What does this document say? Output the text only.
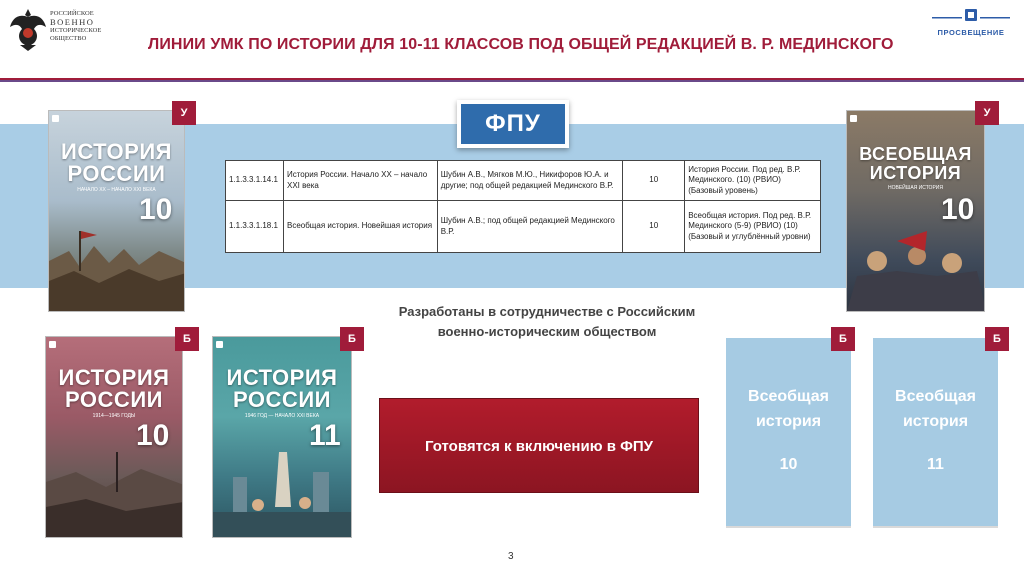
РОССИЙСКОЕ
ВОЕННО
ИСТОРИЧЕСКОЕ
ОБЩЕСТВО	ЛИНИИ УМК ПО ИСТОРИИ ДЛЯ 10-11 КЛАССОВ ПОД ОБЩЕЙ РЕДАКЦИЕЙ В. Р. МЕДИНСКОГО
ПРОСВЕЩЕНИЕ
ИСТОРИЯ
РОССИИ
НАЧАЛО XX – НАЧАЛО XXI ВЕКА
10
У
ВСЕОБЩАЯ
ИСТОРИЯ
НОВЕЙШАЯ ИСТОРИЯ
10
У
ИСТОРИЯ
РОССИИ
1914—1945 ГОДЫ
10
Б
ИСТОРИЯ
РОССИИ
1946 ГОД — НАЧАЛО XXI ВЕКА
11
Б
ФПУ
1.1.3.3.1.14.1	История России. Начало XX – начало XXI века	Шубин А.В., Мягков М.Ю., Никифоров Ю.А. и другие; под общей редакцией Мединского В.Р.	10	История России. Под ред. В.Р. Мединского. (10) (РВИО) (Базовый уровень)
1.1.3.3.1.18.1	Всеобщая история. Новейшая история	Шубин А.В.; под общей редакцией Мединского В.Р.	10	Всеобщая история. Под ред. В.Р. Мединского (5-9) (РВИО) (10) (Базовый и углублённый уровни)
Разработаны в сотрудничестве с Российским военно-историческим обществом
Готовятся к включению в ФПУ
Всеобщая
история
10
Б
Всеобщая
история
11
Б
3
